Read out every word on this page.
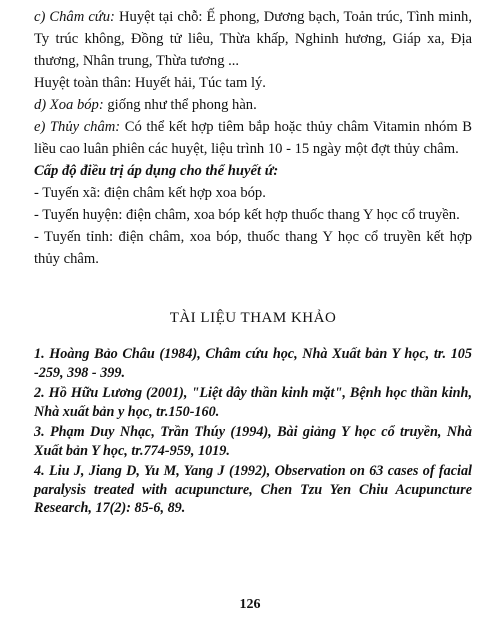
c) Châm cứu: Huyệt tại chỗ: Ế phong, Dương bạch, Toản trúc, Tình minh, Ty trúc không, Đồng tử liêu, Thừa khấp, Nghinh hương, Giáp xa, Địa thương, Nhân trung, Thừa tương ...

Huyệt toàn thân: Huyết hải, Túc tam lý.

d) Xoa bóp: giống như thể phong hàn.

e) Thủy châm: Có thể kết hợp tiêm bắp hoặc thủy châm Vitamin nhóm B liều cao luân phiên các huyệt, liệu trình 10 - 15 ngày một đợt thủy châm.

Cấp độ điều trị áp dụng cho thể huyết ứ:

- Tuyến xã: điện châm kết hợp xoa bóp.

- Tuyến huyện: điện châm, xoa bóp kết hợp thuốc thang Y học cổ truyền.

- Tuyến tỉnh: điện châm, xoa bóp, thuốc thang Y học cổ truyền kết hợp thủy châm.

TÀI LIỆU THAM KHẢO

1. Hoàng Bảo Châu (1984), Châm cứu học, Nhà Xuất bản Y học, tr. 105 -259, 398 - 399.

2. Hồ Hữu Lương (2001), "Liệt dây thần kinh mặt", Bệnh học thần kinh, Nhà xuất bản y học, tr.150-160.

3. Phạm Duy Nhạc, Trần Thúy (1994), Bài giảng Y học cổ truyền, Nhà Xuất bản Y học, tr.774-959, 1019.

4. Liu J, Jiang D, Yu M, Yang J (1992), Observation on 63 cases of facial paralysis treated with acupuncture, Chen Tzu Yen Chiu Acupuncture Research, 17(2): 85-6, 89.

126
